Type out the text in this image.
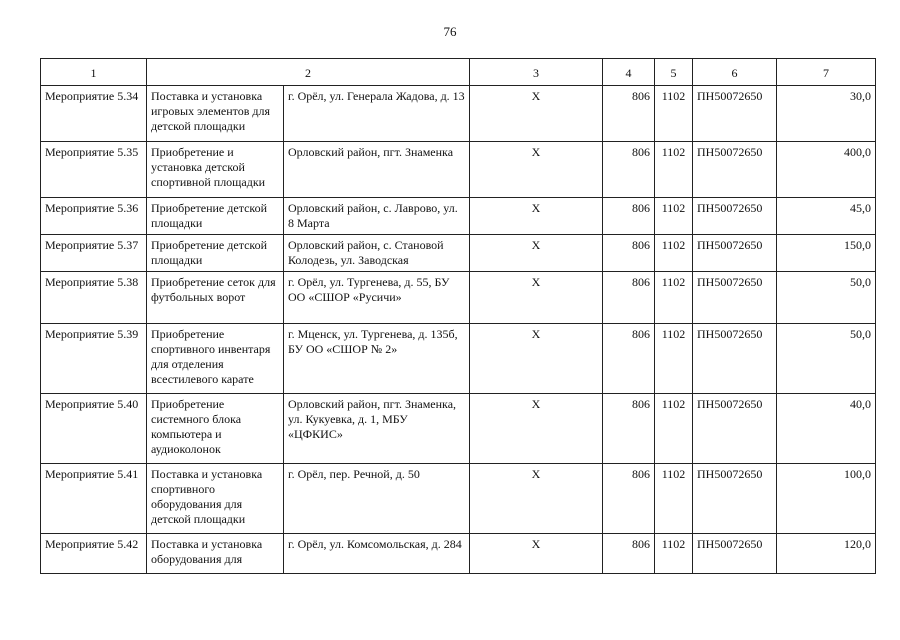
76
1	2		3	4	5	6	7
Мероприятие 5.34	Поставка и установка игровых элементов для детской площадки	г. Орёл, ул. Генерала Жадова, д. 13	Х	806	1102	ПН50072650	30,0
Мероприятие 5.35	Приобретение и установка детской спортивной площадки	Орловский район, пгт. Знаменка	Х	806	1102	ПН50072650	400,0
Мероприятие 5.36	Приобретение детской площадки	Орловский район, с. Лаврово, ул. 8 Марта	Х	806	1102	ПН50072650	45,0
Мероприятие 5.37	Приобретение детской площадки	Орловский район, с. Становой Колодезь, ул. Заводская	Х	806	1102	ПН50072650	150,0
Мероприятие 5.38	Приобретение сеток для футбольных ворот	г. Орёл, ул. Тургенева, д. 55, БУ ОО «СШОР «Русичи»	Х	806	1102	ПН50072650	50,0
Мероприятие 5.39	Приобретение спортивного инвентаря для отделения всестилевого карате	г. Мценск, ул. Тургенева, д. 135б, БУ ОО «СШОР № 2»	Х	806	1102	ПН50072650	50,0
Мероприятие 5.40	Приобретение системного блока компьютера и аудиоколонок	Орловский район, пгт. Знаменка, ул. Кукуевка, д. 1, МБУ «ЦФКИС»	Х	806	1102	ПН50072650	40,0
Мероприятие 5.41	Поставка и установка спортивного оборудования для детской площадки	г. Орёл, пер. Речной, д. 50	Х	806	1102	ПН50072650	100,0
Мероприятие 5.42	Поставка и установка оборудования для	г. Орёл, ул. Комсомольская, д. 284	Х	806	1102	ПН50072650	120,0
